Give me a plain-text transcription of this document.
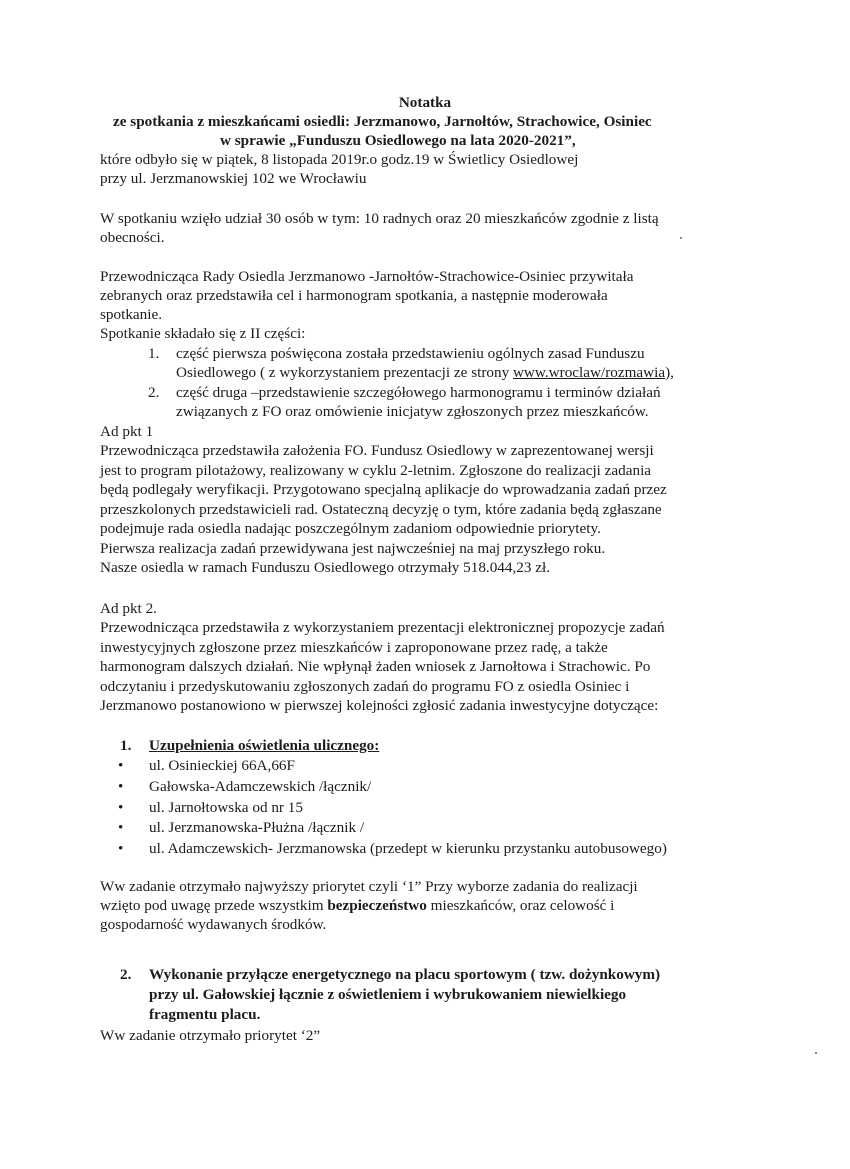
Notatka
ze spotkania z mieszkańcami osiedli: Jerzmanowo, Jarnołtów, Strachowice, Osiniec
w sprawie „Funduszu Osiedlowego na lata 2020-2021”,
które odbyło się w piątek, 8 listopada 2019r.o godz.19 w Świetlicy Osiedlowej
przy ul. Jerzmanowskiej 102 we Wrocławiu
W spotkaniu wzięło udział 30 osób w tym: 10 radnych oraz 20 mieszkańców zgodnie z listą
obecności.
Przewodnicząca Rady Osiedla Jerzmanowo -Jarnołtów-Strachowice-Osiniec przywitała
zebranych oraz przedstawiła cel i harmonogram spotkania, a następnie moderowała
spotkanie.
Spotkanie składało się z II części:
1. część pierwsza poświęcona została przedstawieniu ogólnych zasad Funduszu
Osiedlowego ( z wykorzystaniem prezentacji ze strony www.wroclaw/rozmawia),
2. część druga –przedstawienie szczegółowego harmonogramu i terminów działań
związanych z FO oraz omówienie inicjatyw zgłoszonych przez mieszkańców.
Ad pkt 1
Przewodnicząca przedstawiła założenia FO. Fundusz Osiedlowy w zaprezentowanej wersji
jest to program pilotażowy, realizowany w cyklu 2-letnim. Zgłoszone do realizacji zadania
będą podlegały weryfikacji. Przygotowano specjalną aplikacje do wprowadzania zadań przez
przeszkolonych przedstawicieli rad. Ostateczną decyzję o tym, które zadania będą zgłaszane
podejmuje rada osiedla nadając poszczególnym zadaniom odpowiednie priorytety.
Pierwsza realizacja zadań przewidywana jest najwcześniej na maj przyszłego roku.
Nasze osiedla w ramach Funduszu Osiedlowego otrzymały 518.044,23 zł.
Ad pkt 2.
Przewodnicząca przedstawiła z wykorzystaniem prezentacji elektronicznej propozycje zadań
inwestycyjnych zgłoszone przez mieszkańców i zaproponowane przez radę, a także
harmonogram dalszych działań. Nie wpłynął żaden wniosek z Jarnołtowa i Strachowic. Po
odczytaniu i przedyskutowaniu zgłoszonych zadań do programu FO z osiedla Osiniec i
Jerzmanowo postanowiono w pierwszej kolejności zgłosić zadania inwestycyjne dotyczące:
1. Uzupełnienia oświetlenia ulicznego:
• ul. Osinieckiej 66A,66F
• Gałowska-Adamczewskich /łącznik/
• ul. Jarnołtowska od nr 15
• ul. Jerzmanowska-Płużna /łącznik /
• ul. Adamczewskich- Jerzmanowska (przedept w kierunku przystanku autobusowego)
Ww zadanie otrzymało najwyższy priorytet czyli ‘1” Przy wyborze zadania do realizacji
wzięto pod uwagę przede wszystkim bezpieczeństwo mieszkańców, oraz celowość i
gospodarność wydawanych środków.
2. Wykonanie przyłącze energetycznego na placu sportowym ( tzw. dożynkowym)
przy ul. Gałowskiej łącznie z oświetleniem i wybrukowaniem niewielkiego
fragmentu placu.
Ww zadanie otrzymało priorytet ‘2”
